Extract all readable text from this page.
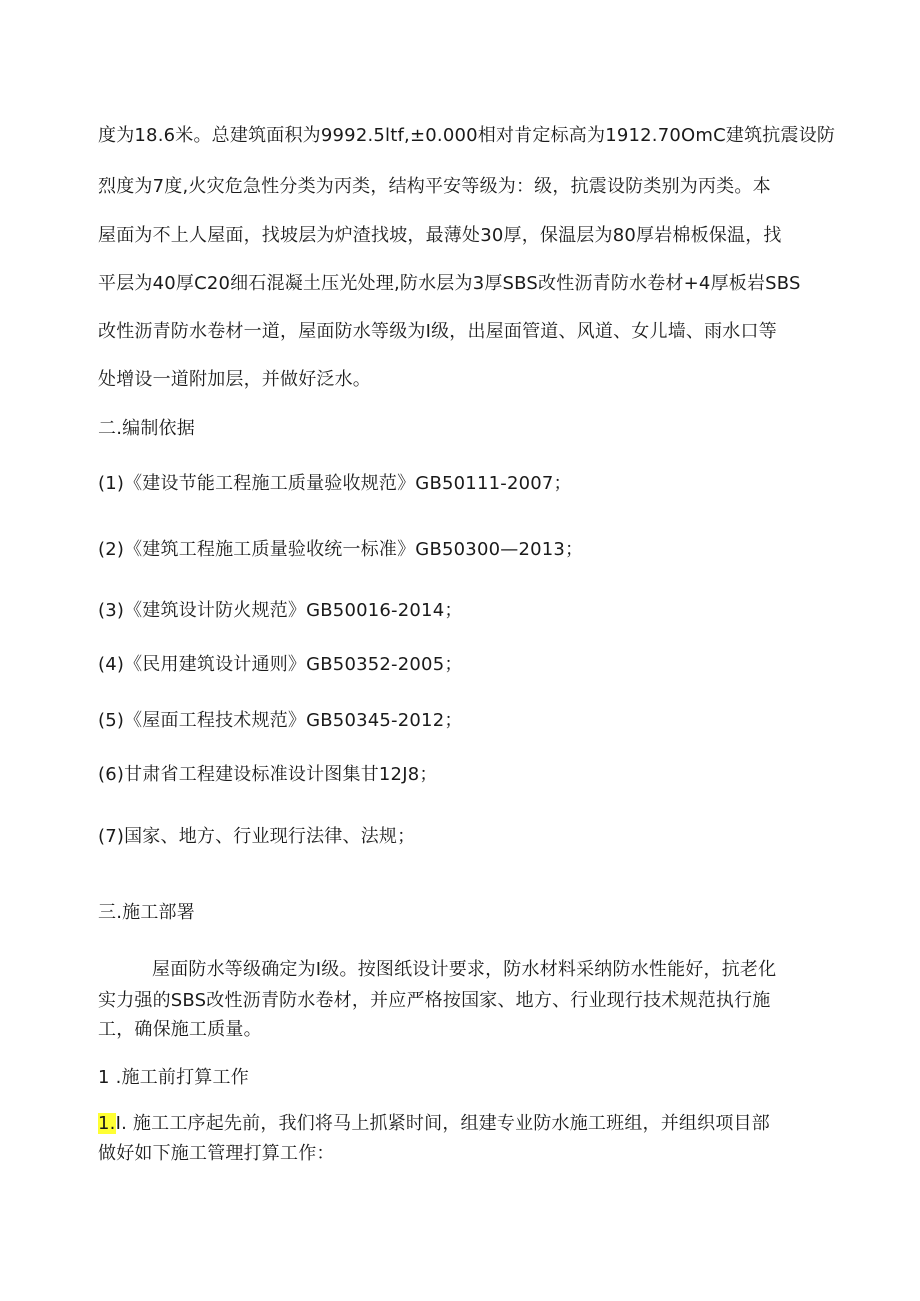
度为18.6米。总建筑面积为9992.5ltf,±0.000相对肯定标高为1912.70OmC建筑抗震设防
烈度为7度,火灾危急性分类为丙类，结构平安等级为：级，抗震设防类别为丙类。本
屋面为不上人屋面，找坡层为炉渣找坡，最薄处30厚，保温层为80厚岩棉板保温，找
平层为40厚C20细石混凝土压光处理,防水层为3厚SBS改性沥青防水卷材+4厚板岩SBS
改性沥青防水卷材一道，屋面防水等级为I级，出屋面管道、风道、女儿墙、雨水口等
处增设一道附加层，并做好泛水。
二.编制依据
(1)《建设节能工程施工质量验收规范》GB50111-2007；
(2)《建筑工程施工质量验收统一标准》GB50300—2013；
(3)《建筑设计防火规范》GB50016-2014；
(4)《民用建筑设计通则》GB50352-2005；
(5)《屋面工程技术规范》GB50345-2012；
(6)甘肃省工程建设标准设计图集甘12J8；
(7)国家、地方、行业现行法律、法规；
三.施工部署
屋面防水等级确定为I级。按图纸设计要求，防水材料采纳防水性能好，抗老化
实力强的SBS改性沥青防水卷材，并应严格按国家、地方、行业现行技术规范执行施
工，确保施工质量。
1 .施工前打算工作
1.I. 施工工序起先前，我们将马上抓紧时间，组建专业防水施工班组，并组织项目部
做好如下施工管理打算工作：
